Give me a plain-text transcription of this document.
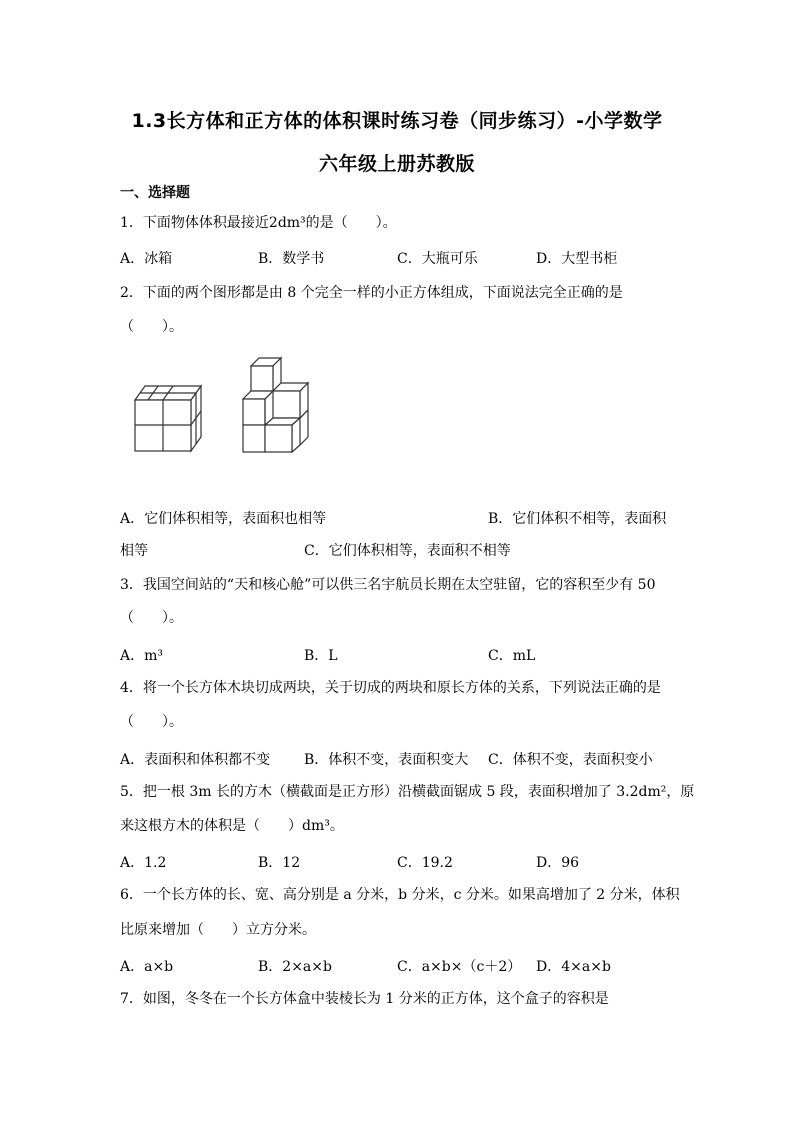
1.3长方体和正方体的体积课时练习卷（同步练习）-小学数学
六年级上册苏教版
一、选择题
1．下面物体体积最接近2dm³的是（　　）。
A．冰箱	B．数学书	C．大瓶可乐	D．大型书柜
2．下面的两个图形都是由 8 个完全一样的小正方体组成，下面说法完全正确的是
（　　）。
A．它们体积相等，表面积也相等	B．它们体积不相等，表面积
相等	C．它们体积相等，表面积不相等
3．我国空间站的“天和核心舱”可以供三名宇航员长期在太空驻留，它的容积至少有 50
（　　）。
A．m³	B．L	C．mL
4．将一个长方体木块切成两块，关于切成的两块和原长方体的关系，下列说法正确的是
（　　）。
A．表面积和体积都不变 B．体积不变，表面积变大 C．体积不变，表面积变小
5．把一根 3m 长的方木（横截面是正方形）沿横截面锯成 5 段，表面积增加了 3.2dm²，原
来这根方木的体积是（　　）dm³。
A．1.2	B．12	C．19.2	D．96
6．一个长方体的长、宽、高分别是 a 分米，b 分米，c 分米。如果高增加了 2 分米，体积
比原来增加（　　）立方分米。
A．a×b	B．2×a×b	C．a×b×（c＋2） D．4×a×b
7．如图，冬冬在一个长方体盒中装棱长为 1 分米的正方体，这个盒子的容积是
